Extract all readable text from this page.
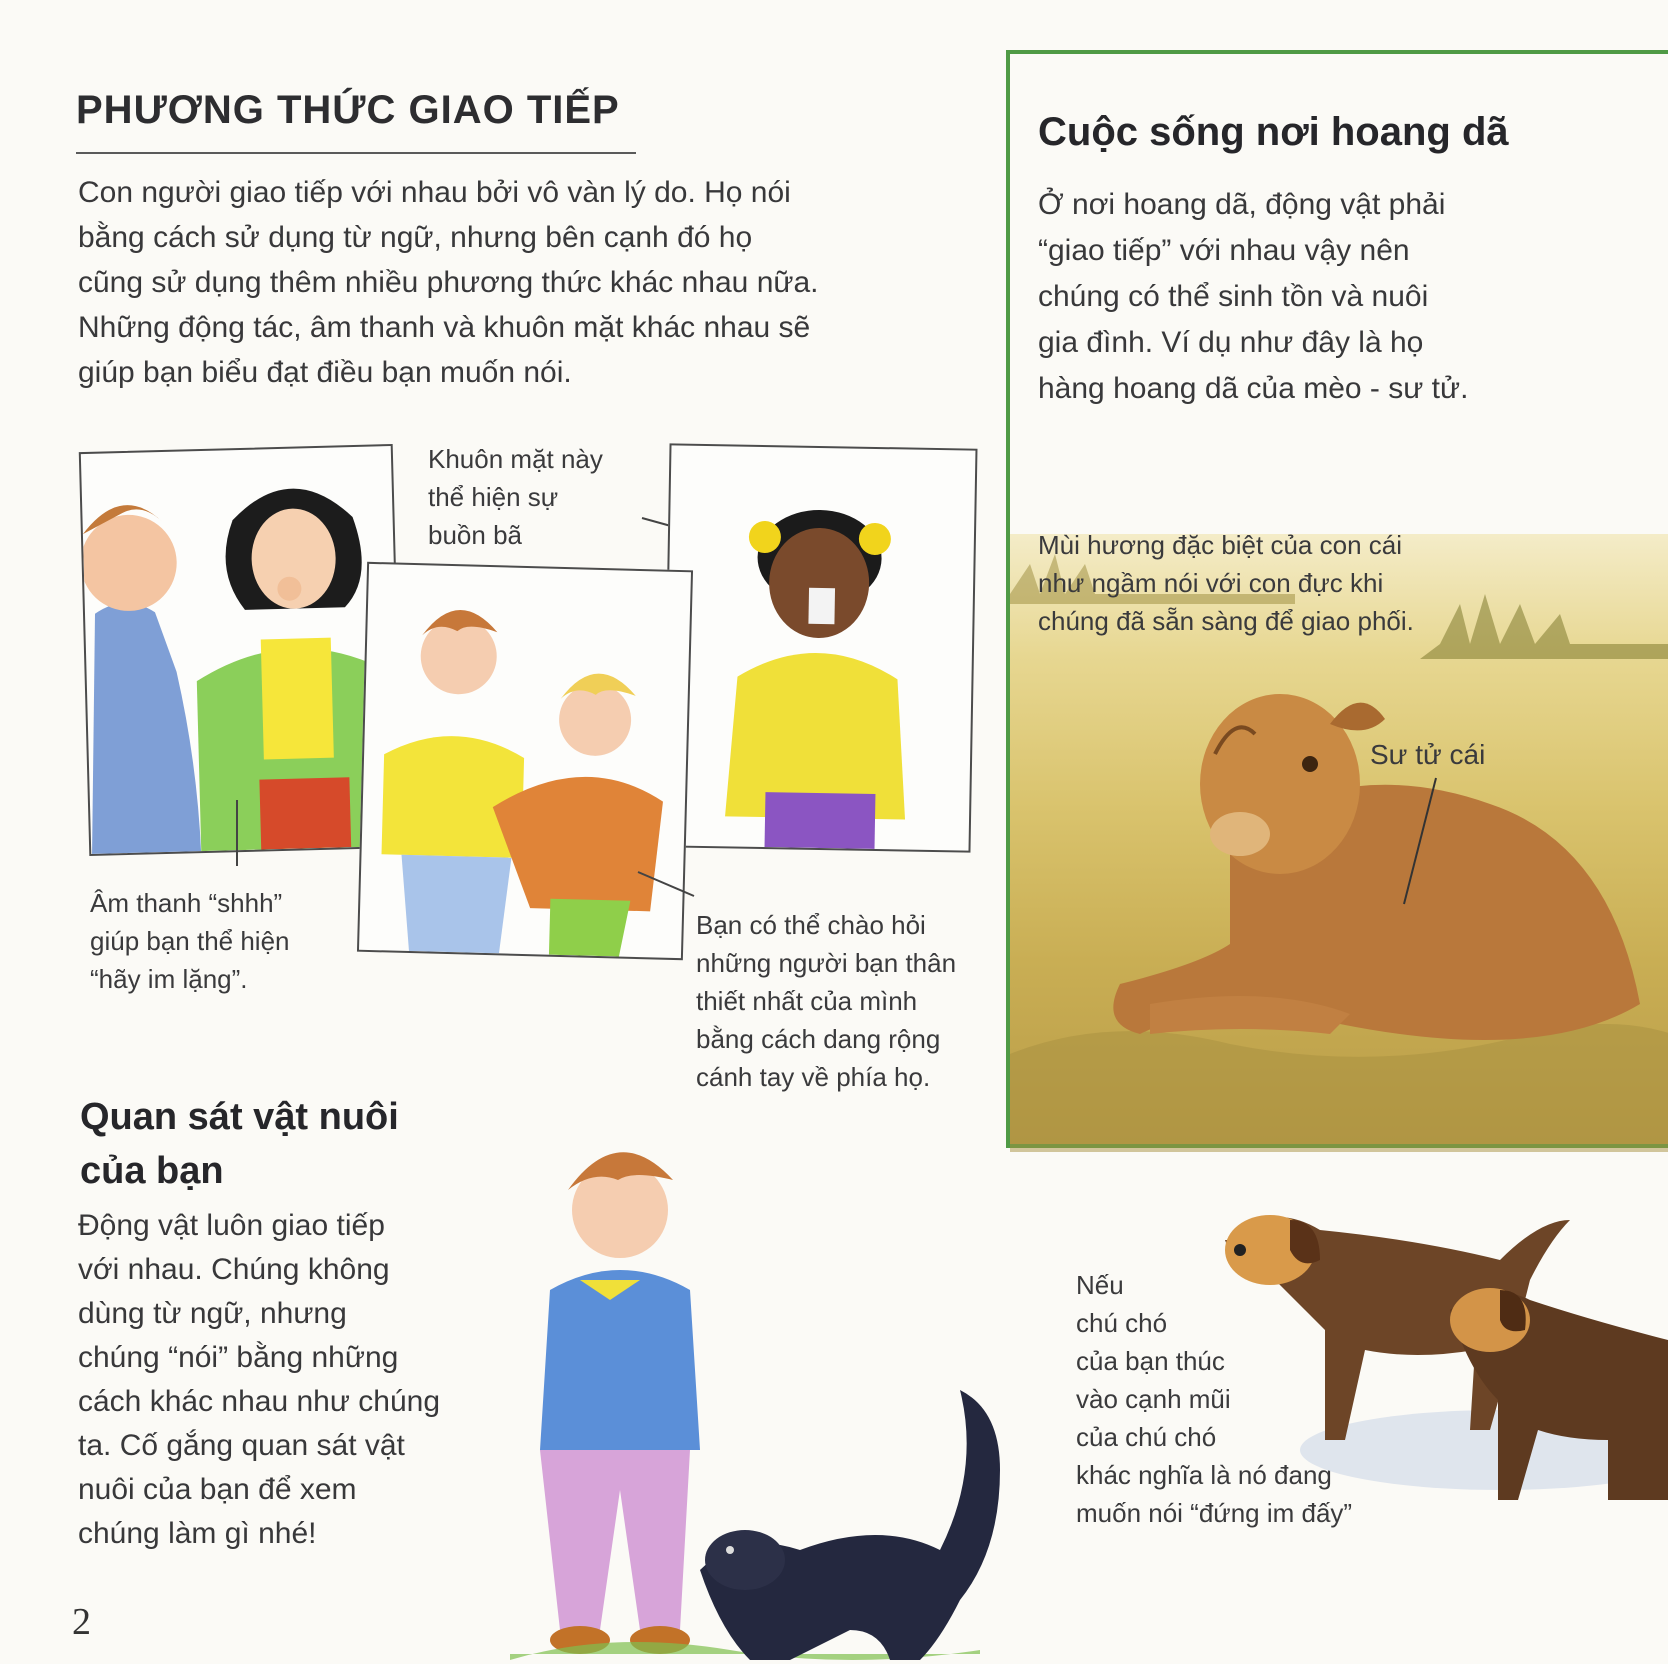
PHƯƠNG THỨC GIAO TIẾP
Con người giao tiếp với nhau bởi vô vàn lý do. Họ nói
bằng cách sử dụng từ ngữ, nhưng bên cạnh đó họ
cũng sử dụng thêm nhiều phương thức khác nhau nữa.
Những động tác, âm thanh và khuôn mặt khác nhau sẽ
giúp bạn biểu đạt điều bạn muốn nói.
Âm thanh “shhh”
giúp bạn thể hiện
“hãy im lặng”.
Khuôn mặt này
thể hiện sự
buồn bã
Bạn có thể chào hỏi
những người bạn thân
thiết nhất của mình
bằng cách dang rộng
cánh tay về phía họ.
Cuộc sống nơi hoang dã
Ở nơi hoang dã, động vật phải
“giao tiếp” với nhau vậy nên
chúng có thể sinh tồn và nuôi
gia đình. Ví dụ như đây là họ
hàng hoang dã của mèo - sư tử.
Mùi hương đặc biệt của con cái
như ngầm nói với con đực khi
chúng đã sẵn sàng để giao phối.
Sư tử cái
Quan sát vật nuôi
của bạn
Động vật luôn giao tiếp
với nhau. Chúng không
dùng từ ngữ, nhưng
chúng “nói” bằng những
cách khác nhau như chúng
ta. Cố gắng quan sát vật
nuôi của bạn để xem
chúng làm gì nhé!
Nếu
chú chó
của bạn thúc
vào cạnh mũi
của chú chó
khác nghĩa là nó đang
muốn nói “đứng im đấy”
2
